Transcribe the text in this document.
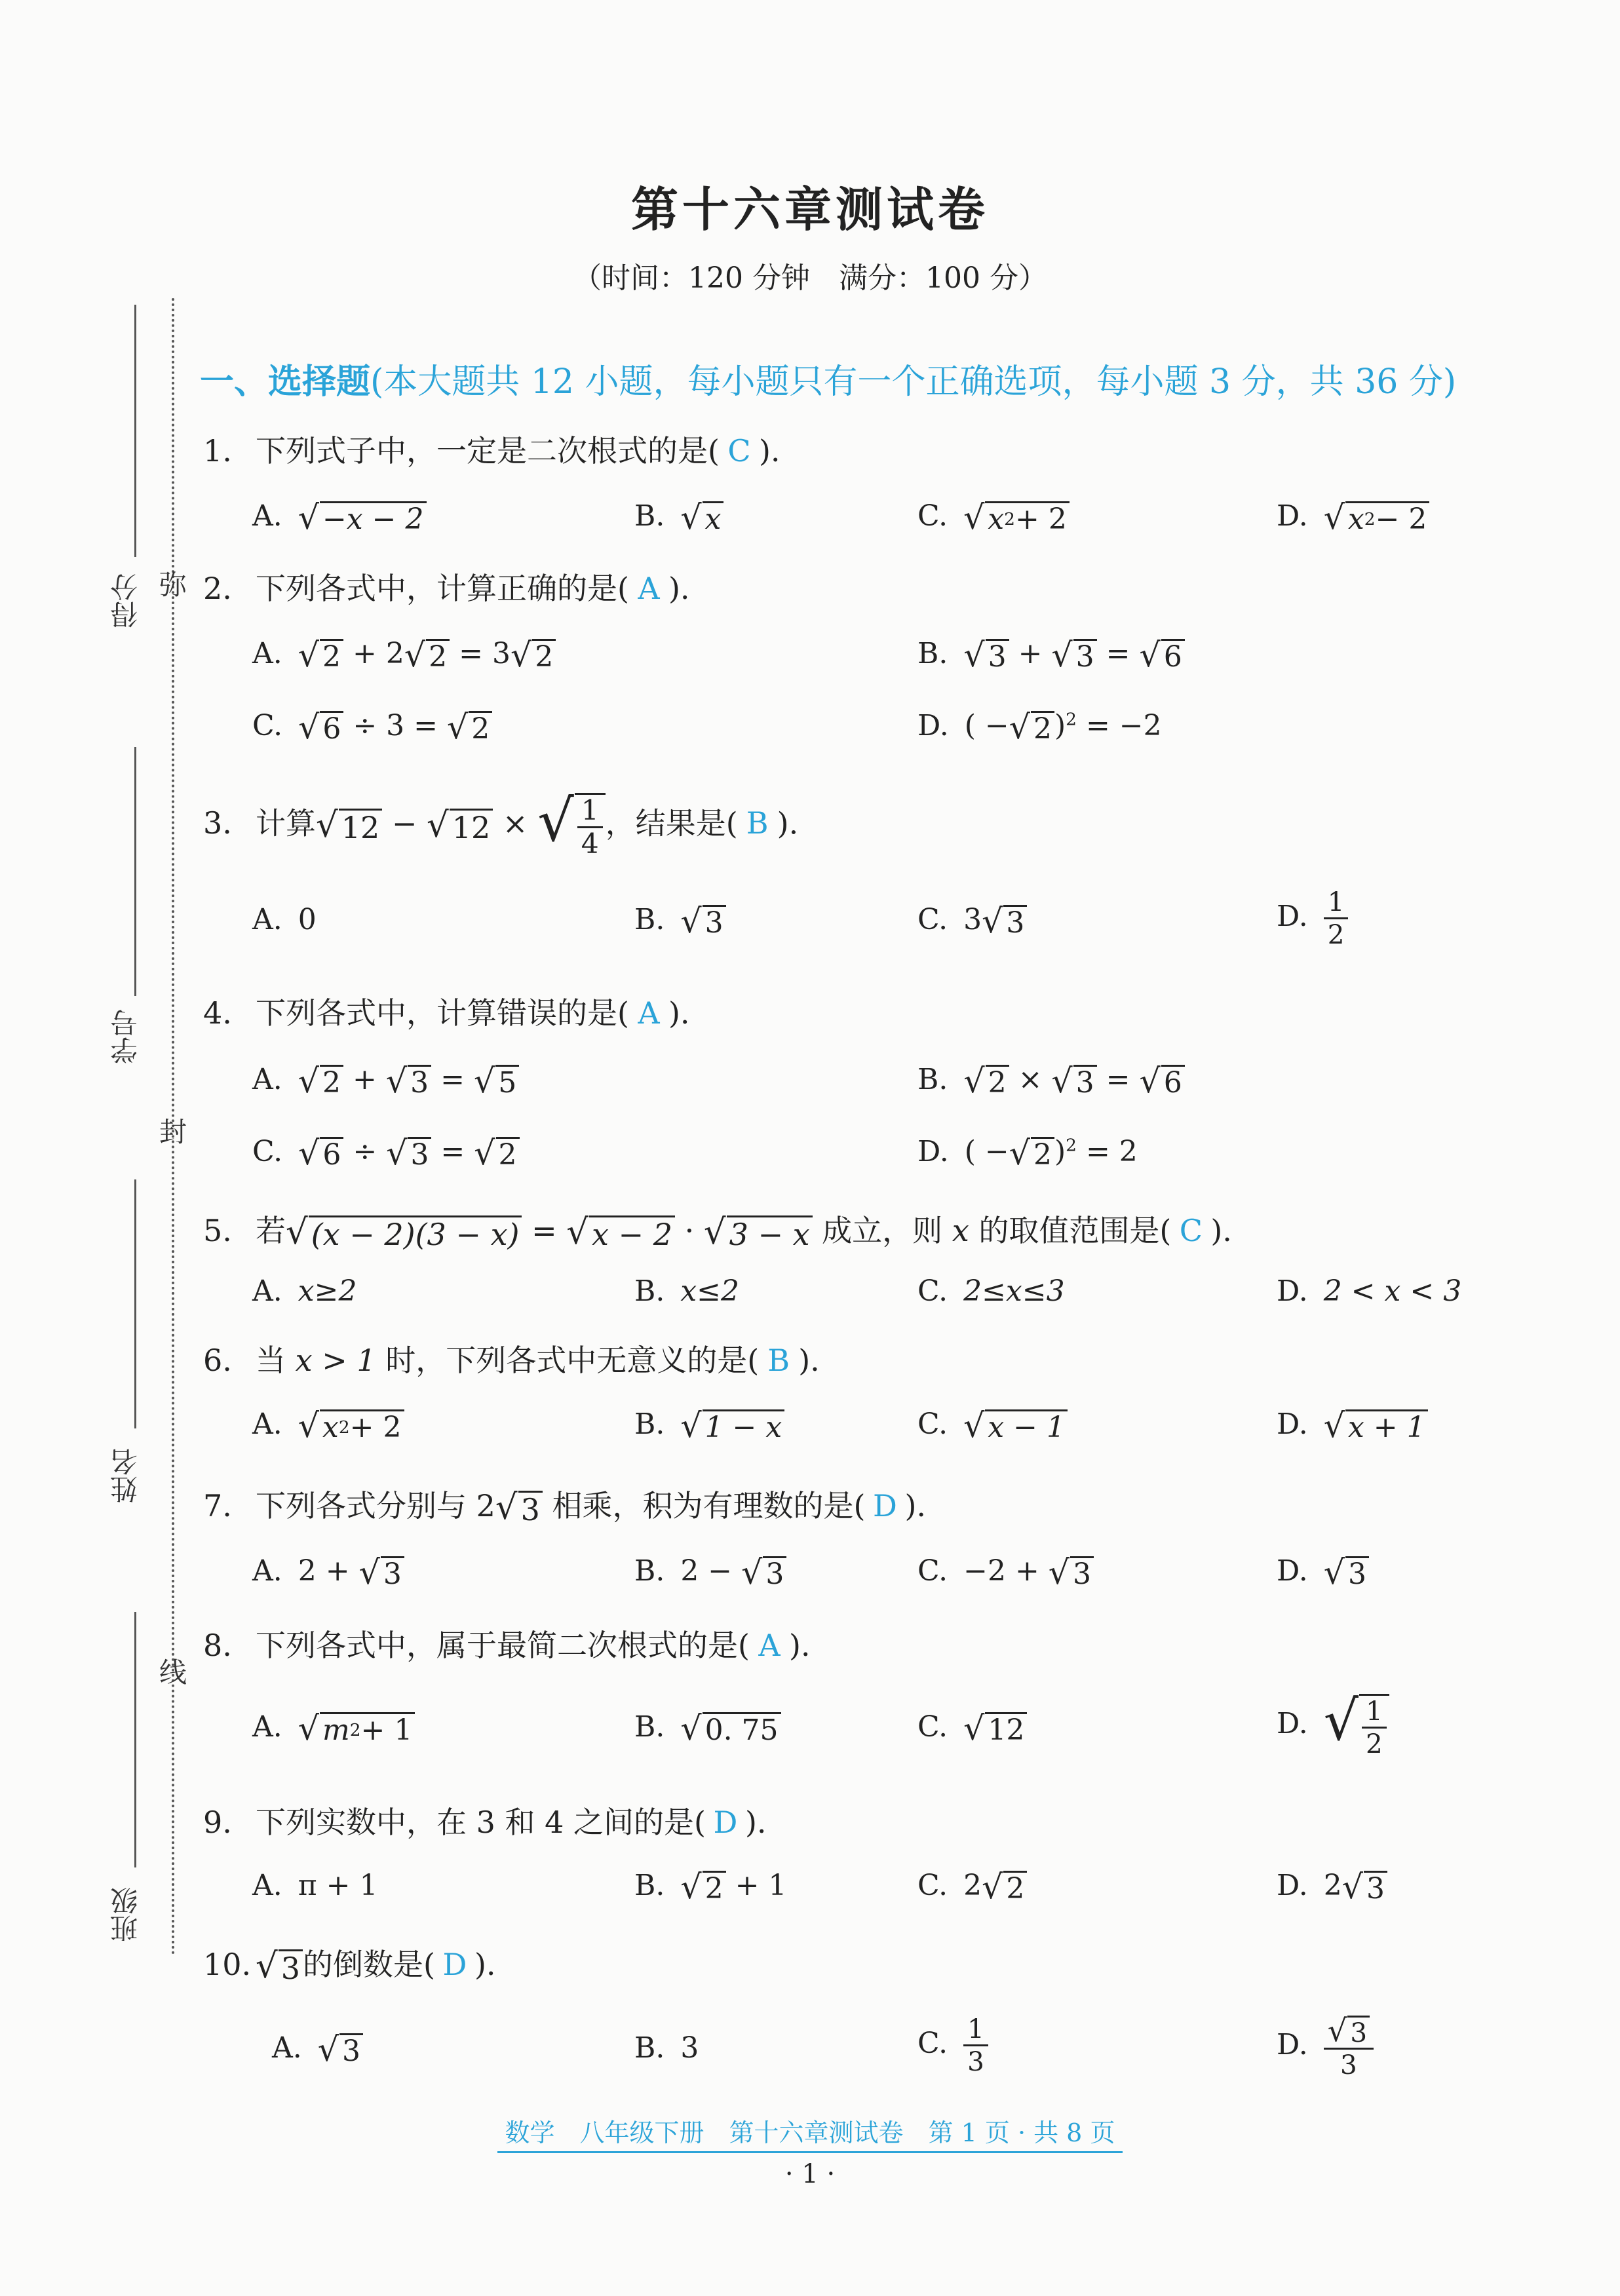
第十六章测试卷
（时间：120 分钟　满分：100 分）
弥
封
线
得分
学号
姓名
班级
一、选择题(本大题共 12 小题，每小题只有一个正确选项，每小题 3 分，共 36 分)
1. 下列式子中，一定是二次根式的是( C ).
A. √ −x − 2	B. √ x	C. √ x 2 + 2	D. √ x 2 − 2
2. 下列各式中，计算正确的是( A ).
A. √ 2 + 2 √ 2 = 3 √ 2	B. √ 3 + √ 3 = √ 6
C. √ 6 ÷ 3 = √ 2	D. ( − √ 2 )$^2$ = −2
3. 计算 √ 12 − √ 12 × √ $\frac{1}{4}$ ，结果是( B ).
A. 0	B. √ 3	C. 3 √ 3	D. $\frac{1}{2}$
4. 下列各式中，计算错误的是( A ).
A. √ 2 + √ 3 = √ 5	B. √ 2 × √ 3 = √ 6
C. √ 6 ÷ √ 3 = √ 2	D. ( − √ 2 )$^2$ = 2
5. 若 √ (x − 2)(3 − x) = √ x − 2 · √ 3 − x 成立，则 x 的取值范围是( C ).
A. x≥2	B. x≤2	C. 2≤x≤3	D. 2 < x < 3
6. 当 x > 1 时，下列各式中无意义的是( B ).
A. √ x 2 + 2	B. √ 1 − x	C. √ x − 1	D. √ x + 1
7. 下列各式分别与 2 √ 3 相乘，积为有理数的是( D ).
A. 2 + √ 3	B. 2 − √ 3	C. −2 + √ 3	D. √ 3
8. 下列各式中，属于最简二次根式的是( A ).
A. √ m 2 + 1	B. √ 0. 75	C. √ 12	D. √ $\frac{1}{2}$
9. 下列实数中，在 3 和 4 之间的是( D ).
A. π + 1	B. √ 2 + 1	C. 2 √ 2	D. 2 √ 3
10. √ 3 的倒数是( D ).
A. √ 3	B. 3	C. $\frac{1}{3}$	D. $\frac{√ 3}{3}$
数学　八年级下册　第十六章测试卷　第 1 页 · 共 8 页
· 1 ·
